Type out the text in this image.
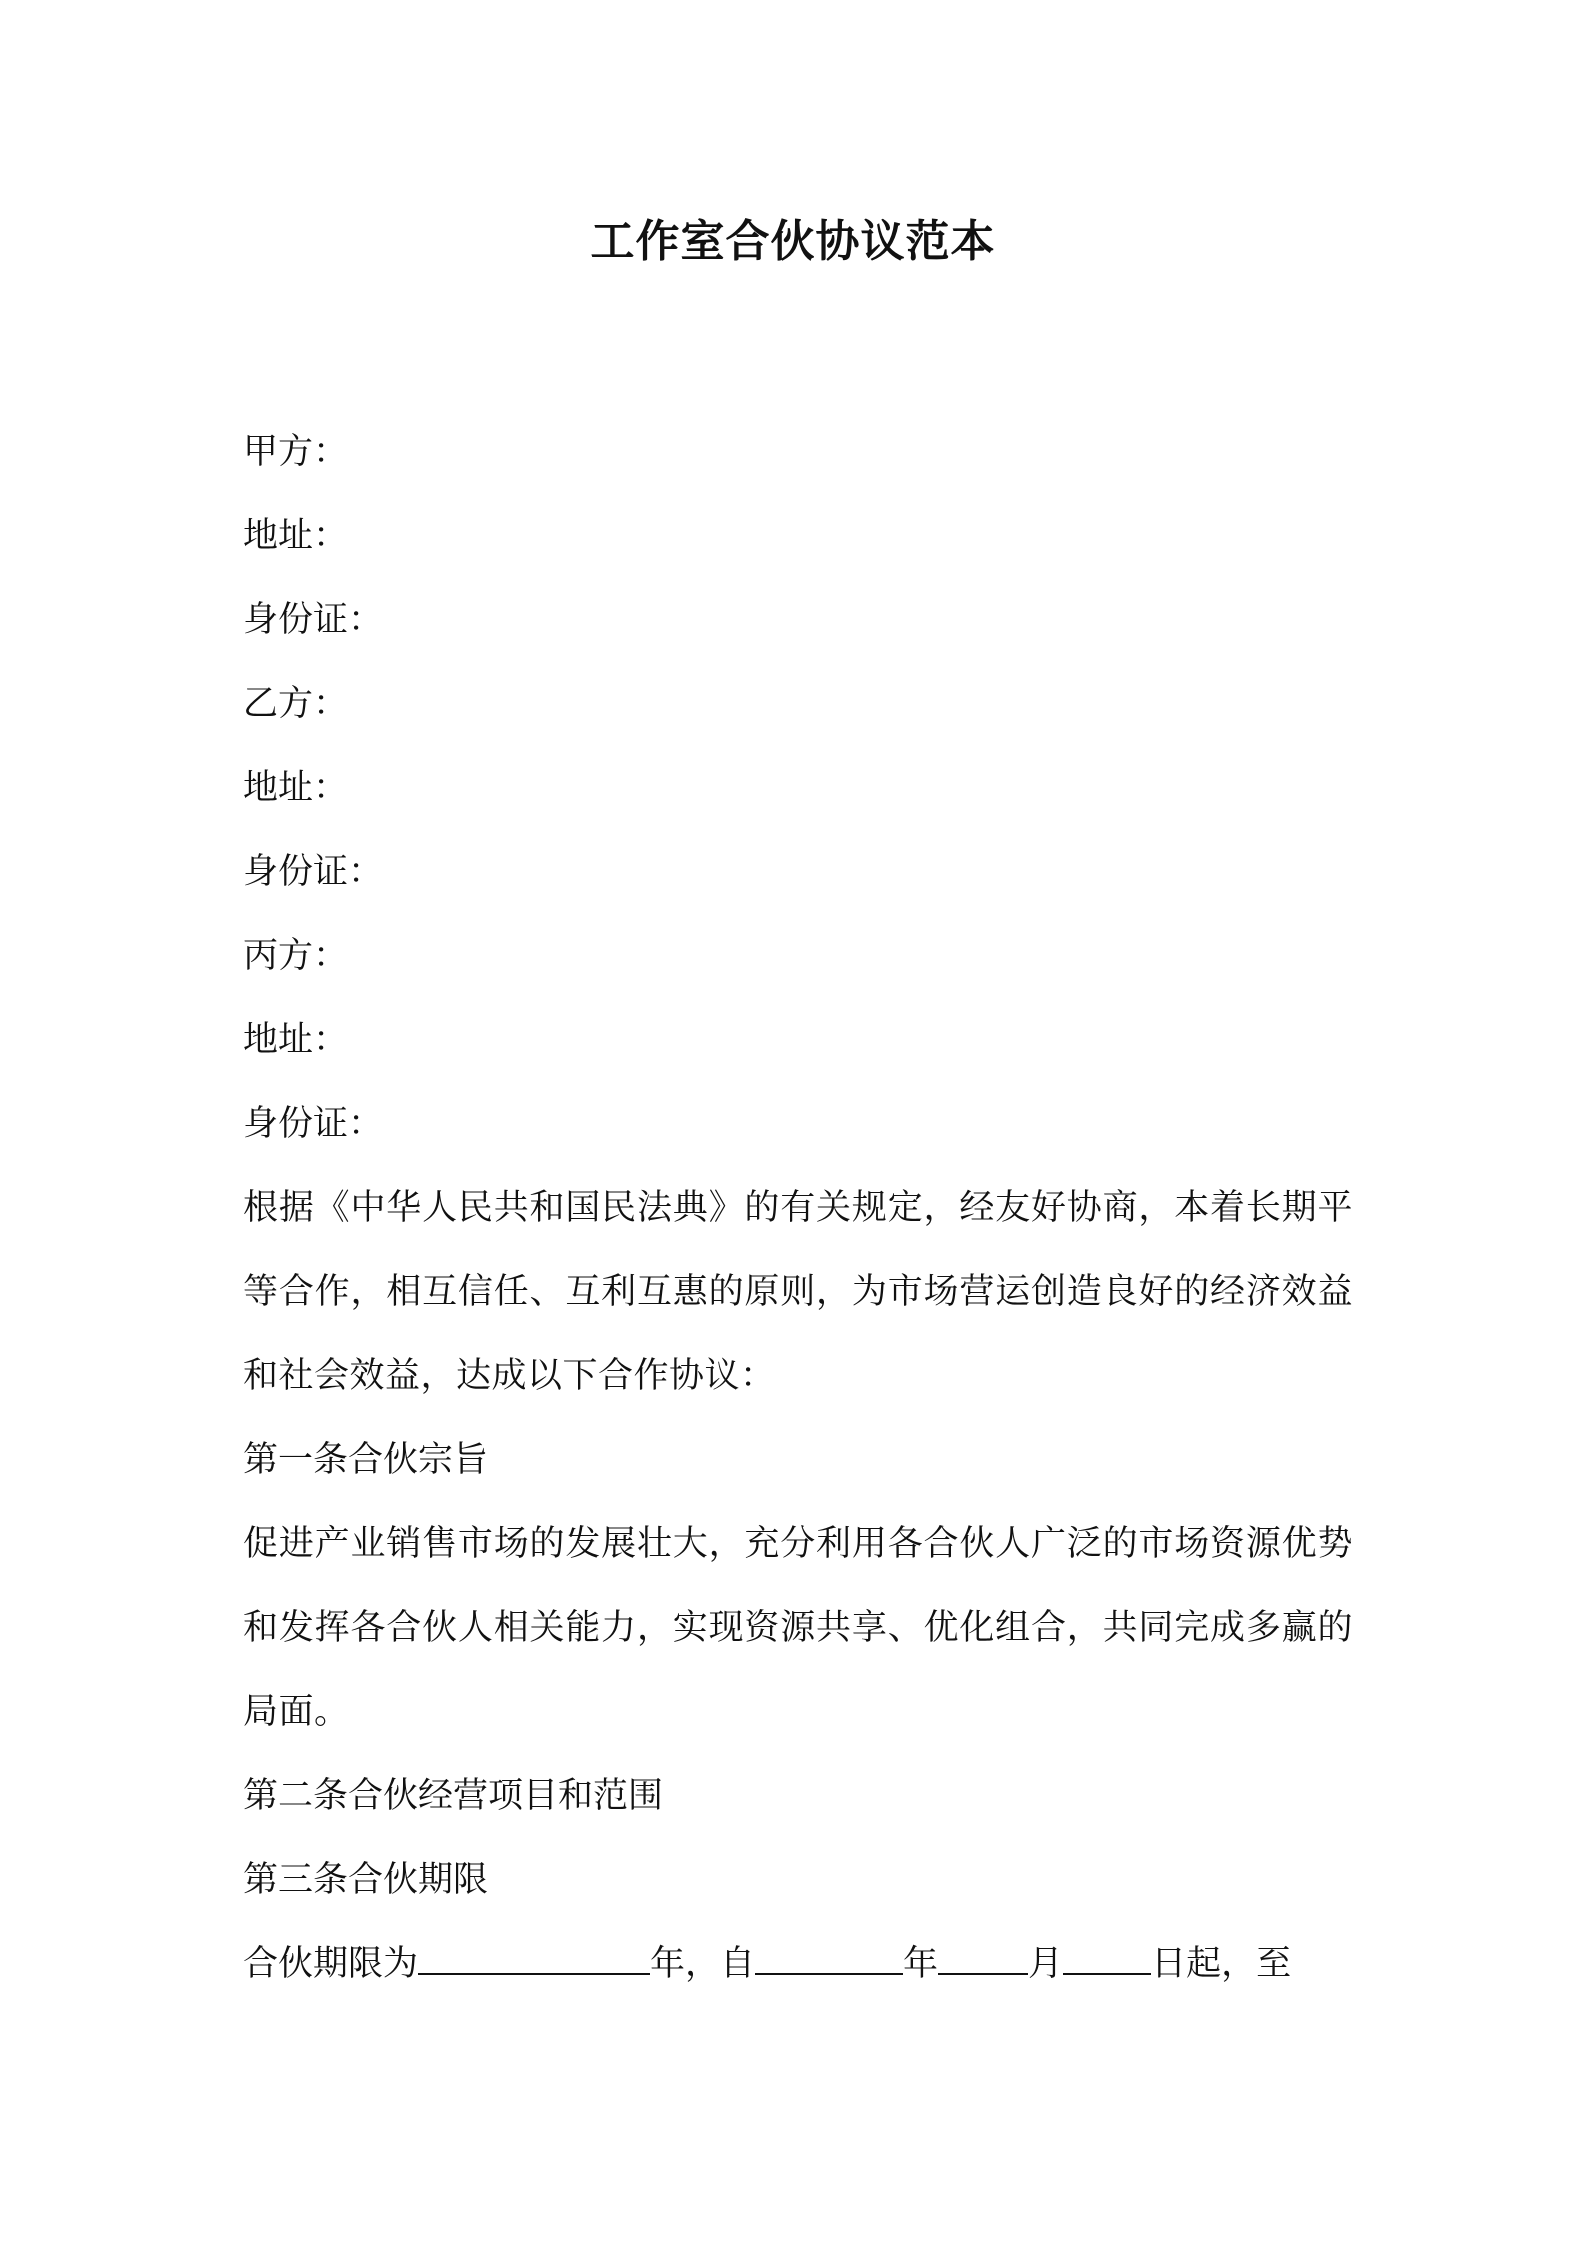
工作室合伙协议范本

甲方：

地址：

身份证：

乙方：

地址：

身份证：

丙方：

地址：

身份证：

根据《中华人民共和国民法典》的有关规定，经友好协商，本着长期平等合作，相互信任、互利互惠的原则，为市场营运创造良好的经济效益和社会效益，达成以下合作协议：

第一条合伙宗旨

促进产业销售市场的发展壮大，充分利用各合伙人广泛的市场资源优势和发挥各合伙人相关能力，实现资源共享、优化组合，共同完成多赢的局面。

第二条合伙经营项目和范围

第三条合伙期限

合伙期限为	年，自	年	月	日起，至
